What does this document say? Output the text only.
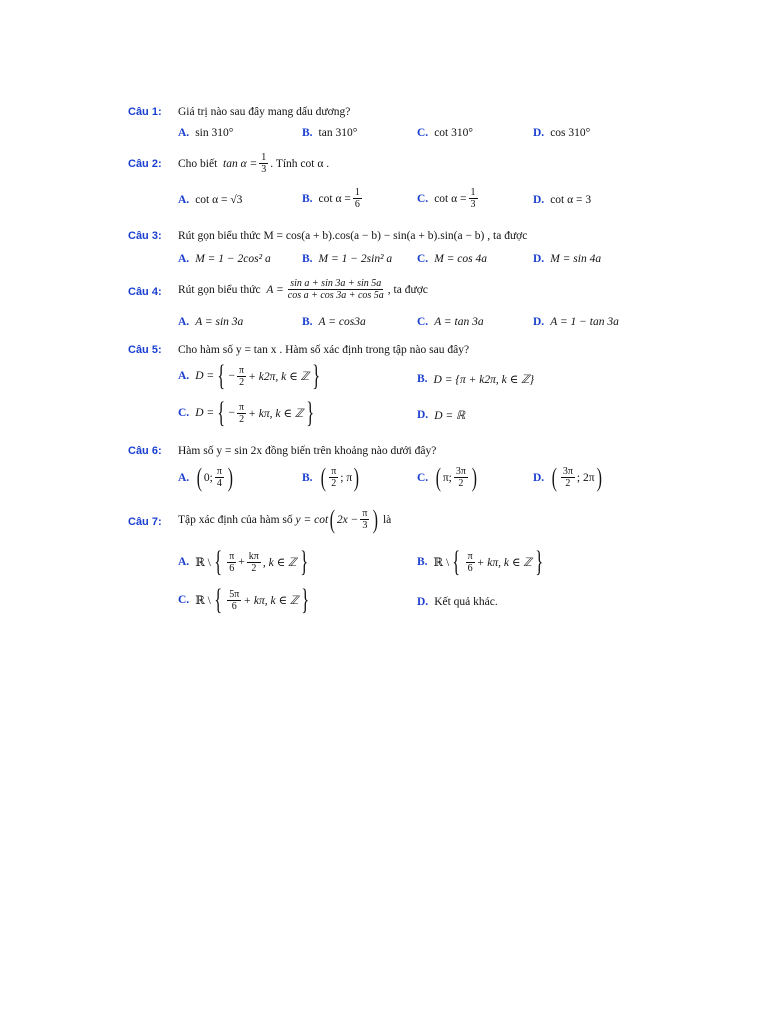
Câu 1: Giá trị nào sau đây mang dấu dương?
A. sin 310°	B. tan 310°	C. cot 310°	D. cos 310°
Câu 2: Cho biết
$\tan \alpha = \frac{1}{3}$ . Tính cot α .
A. cot α = √3	B. $\cot \alpha = \frac{1}{6}$	C. $\cot \alpha = \frac{1}{3}$	D. cot α = 3
Câu 3: Rút gọn biểu thức M = cos(a + b).cos(a − b) − sin(a + b).sin(a − b) , ta được
A. M = 1 − 2cos² a	B. M = 1 − 2sin² a C. M = cos 4a	D. M = sin 4a
Câu 4: Rút gọn biểu thức
$A = \frac{\text{sin a + sin 3a + sin 5a}}{\text{cos a + cos 3a + cos 5a}}$ , ta được
A. A = sin 3a	B. A = cos3a	C. A = tan 3a	D. A = 1 − tan 3a
Câu 5: Cho hàm số y = tan x . Hàm số xác định trong tập nào sau đây?
A. D = { − $\frac{\pi}{2} + k2\pi$, k ∈ ℤ }	B. D = {π + k2π, k ∈ ℤ}
C. D = { − $\frac{\pi}{2} + k\pi$, k ∈ ℤ }	D. D = ℝ
Câu 6: Hàm số y = sin 2x đồng biến trên khoảng nào dưới đây?
A. ( 0; $\frac{\pi}{4}$ )	B. ( $\frac{\pi}{2}$ ; π )	C. ( π; $\frac{3\pi}{2}$ )	D. ( $\frac{3\pi}{2}$ ; 2π )
Câu 7: Tập xác định của hàm số
y = cot ( $2x - \frac{\pi}{3}$ )
là
A. ℝ \ { $\frac{\pi}{6} + \frac{k\pi}{2}$ , k ∈ ℤ }	B. ℝ \ { $\frac{\pi}{6} + k\pi$, k ∈ ℤ }
C. ℝ \ { $\frac{5\pi}{6} + k\pi$, k ∈ ℤ }	D. Kết quả khác.
